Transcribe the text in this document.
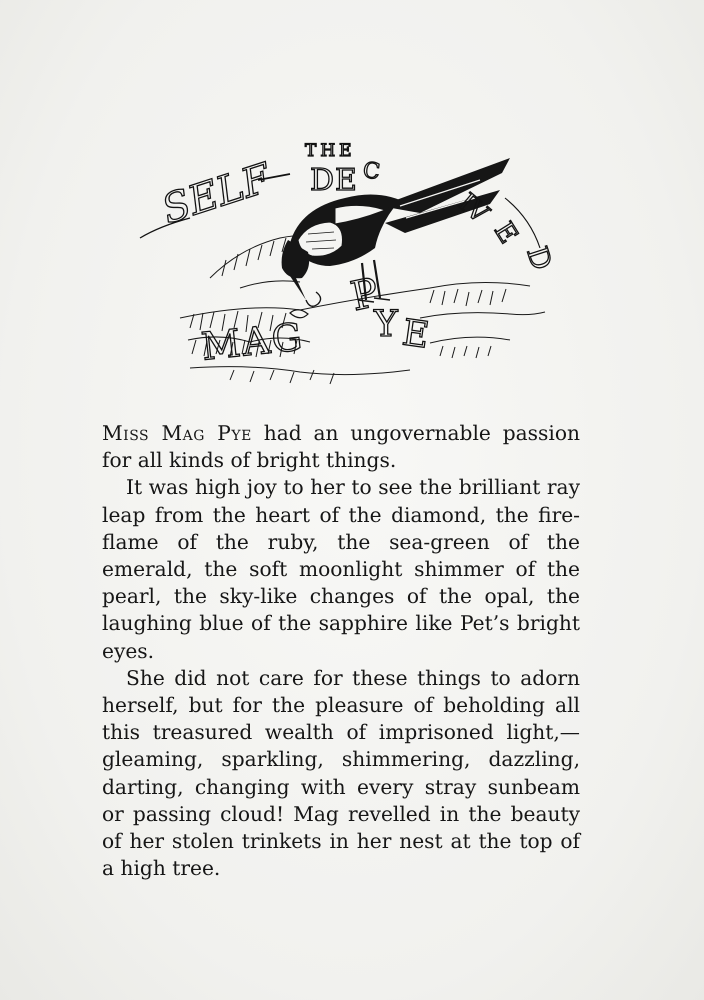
THE
SELF DE C
IV
E
D
MAG
P
Y E

Miss Mag Pye had an ungovernable passion for all kinds of bright things.

It was high joy to her to see the brilliant ray leap from the heart of the diamond, the fire-flame of the ruby, the sea-green of the emerald, the soft moonlight shimmer of the pearl, the sky-like changes of the opal, the laughing blue of the sapphire like Pet’s bright eyes.

She did not care for these things to adorn herself, but for the pleasure of beholding all this treasured wealth of imprisoned light,—gleaming, sparkling, shimmering, dazzling, darting, changing with every stray sunbeam or passing cloud! Mag revelled in the beauty of her stolen trinkets in her nest at the top of a high tree.
